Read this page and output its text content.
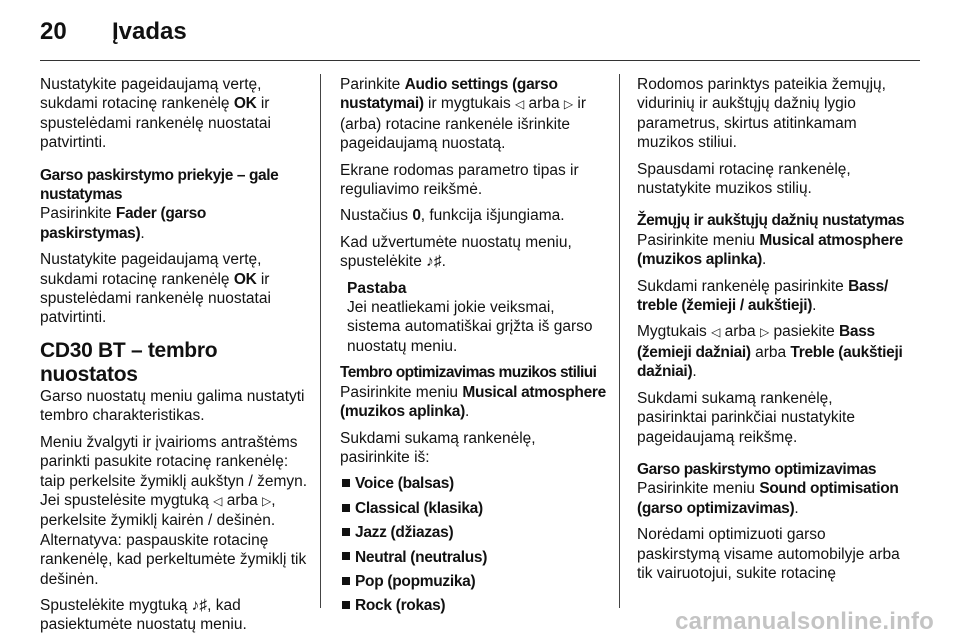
20 Įvadas

Nustatykite pageidaujamą vertę, sukdami rotacinę rankenėlę OK ir spustelėdami rankenėlę nuostatai patvirtinti.

Garso paskirstymo priekyje – gale nustatymas

Pasirinkite Fader (garso paskirstymas).

Nustatykite pageidaujamą vertę, sukdami rotacinę rankenėlę OK ir spustelėdami rankenėlę nuostatai patvirtinti.

CD30 BT – tembro nuostatos

Garso nuostatų meniu galima nustatyti tembro charakteristikas.

Meniu žvalgyti ir įvairioms antraštėms parinkti pasukite rotacinę rankenėlę: taip perkelsite žymiklį aukštyn / žemyn. Jei spustelėsite mygtuką ◁ arba ▷, perkelsite žymiklį kairėn / dešinėn. Alternatyva: paspauskite rotacinę rankenėlę, kad perkeltumėte žymiklį tik dešinėn.

Spustelėkite mygtuką ♪♯, kad pasiektumėte nuostatų meniu.

Parinkite Audio settings (garso nustatymai) ir mygtukais ◁ arba ▷ ir (arba) rotacine rankenėle išrinkite pageidaujamą nuostatą.

Ekrane rodomas parametro tipas ir reguliavimo reikšmė.

Nustačius 0, funkcija išjungiama.

Kad užvertumėte nuostatų meniu, spustelėkite ♪♯.

Pastaba
Jei neatliekami jokie veiksmai, sistema automatiškai grįžta iš garso nuostatų meniu.

Tembro optimizavimas muzikos stiliui

Pasirinkite meniu Musical atmosphere (muzikos aplinka).

Sukdami sukamą rankenėlę, pasirinkite iš:

Voice (balsas)
Classical (klasika)
Jazz (džiazas)
Neutral (neutralus)
Pop (popmuzika)
Rock (rokas)

Rodomos parinktys pateikia žemųjų, vidurinių ir aukštųjų dažnių lygio parametrus, skirtus atitinkamam muzikos stiliui.

Spausdami rotacinę rankenėlę, nustatykite muzikos stilių.

Žemųjų ir aukštųjų dažnių nustatymas

Pasirinkite meniu Musical atmosphere (muzikos aplinka).

Sukdami rankenėlę pasirinkite Bass/ treble (žemieji / aukštieji).

Mygtukais ◁ arba ▷ pasiekite Bass (žemieji dažniai) arba Treble (aukštieji dažniai).

Sukdami sukamą rankenėlę, pasirinktai parinkčiai nustatykite pageidaujamą reikšmę.

Garso paskirstymo optimizavimas

Pasirinkite meniu Sound optimisation (garso optimizavimas).

Norėdami optimizuoti garso paskirstymą visame automobilyje arba tik vairuotojui, sukite rotacinę

carmanualsonline.info
